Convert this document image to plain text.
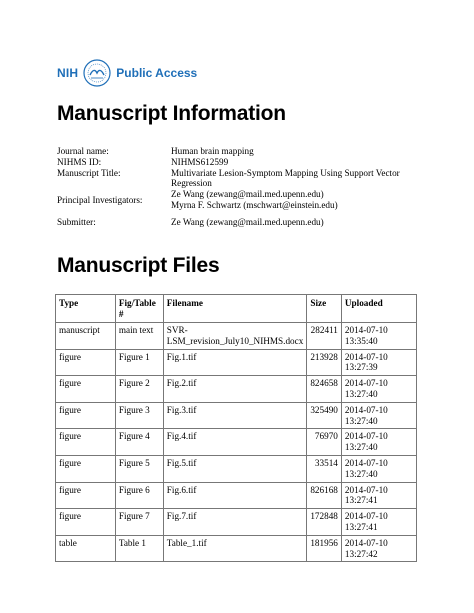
NIH	Public Access
Manuscript Information
Journal name:	Human brain mapping
NIHMS ID:	NIHMS612599
Manuscript Title:	Multivariate Lesion-Symptom Mapping Using Support Vector
Regression
Principal Investigators:
Ze Wang (zewang@mail.med.upenn.edu)
Myrna F. Schwartz (mschwart@einstein.edu)
Submitter:	Ze Wang (zewang@mail.med.upenn.edu)
Manuscript Files
Type	Fig/Table #	Filename	Size	Uploaded
manuscript	main text	SVR-LSM_revision_July10_NIHMS.docx	282411	2014-07-10 13:35:40
figure	Figure 1	Fig.1.tif	213928	2014-07-10 13:27:39
figure	Figure 2	Fig.2.tif	824658	2014-07-10 13:27:40
figure	Figure 3	Fig.3.tif	325490	2014-07-10 13:27:40
figure	Figure 4	Fig.4.tif	76970	2014-07-10 13:27:40
figure	Figure 5	Fig.5.tif	33514	2014-07-10 13:27:40
figure	Figure 6	Fig.6.tif	826168	2014-07-10 13:27:41
figure	Figure 7	Fig.7.tif	172848	2014-07-10 13:27:41
table	Table 1	Table_1.tif	181956	2014-07-10 13:27:42
